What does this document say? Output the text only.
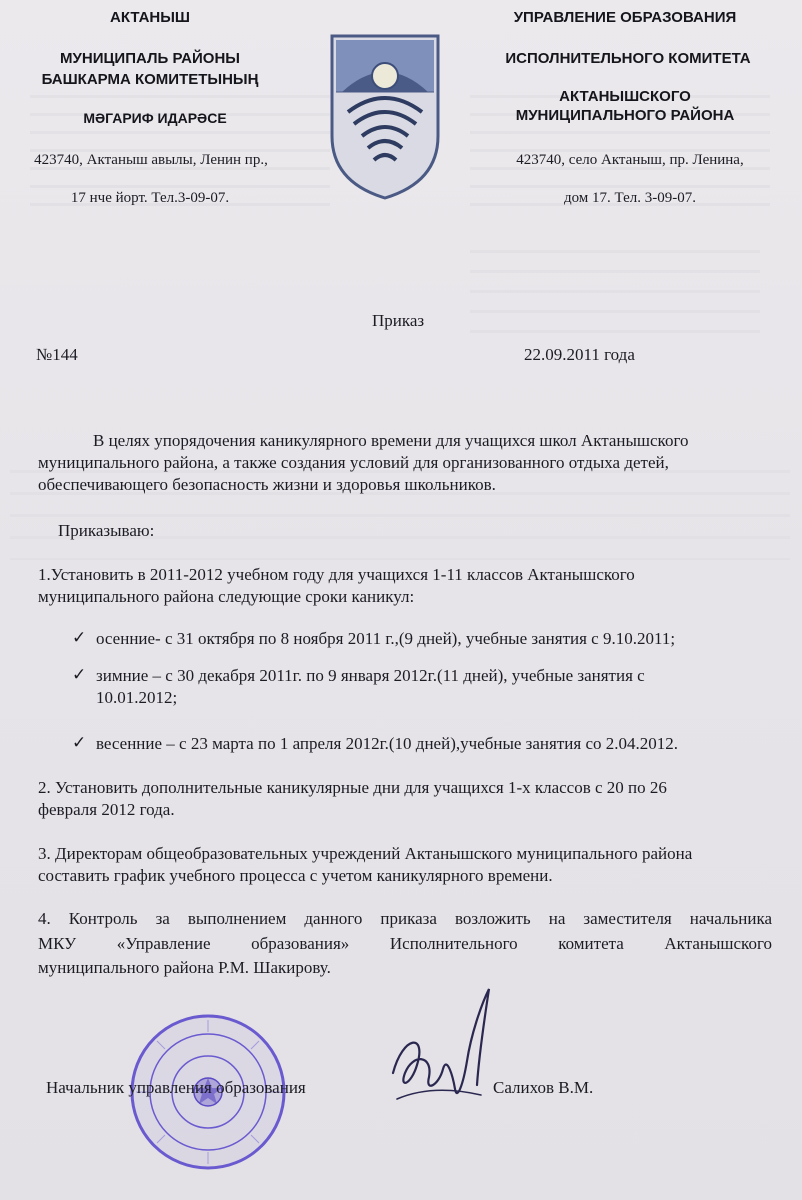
АКТАНЫШ
МУНИЦИПАЛЬ РАЙОНЫ
БАШКАРМА КОМИТЕТЫНЫҢ
МӘГАРИФ ИДАРӘСЕ
423740, Актаныш авылы, Ленин пр.,
17 нче йорт. Тел.3-09-07.
УПРАВЛЕНИЕ ОБРАЗОВАНИЯ
ИСПОЛНИТЕЛЬНОГО КОМИТЕТА
АКТАНЫШСКОГО
МУНИЦИПАЛЬНОГО РАЙОНА
423740, село Актаныш, пр. Ленина,
дом 17. Тел. 3-09-07.
Приказ
№144	22.09.2011 года
В целях упорядочения каникулярного времени для учащихся школ Актанышского
муниципального района, а также создания условий для организованного отдыха детей,
обеспечивающего безопасность жизни и здоровья школьников.
Приказываю:
1.Установить в 2011-2012 учебном году для учащихся 1-11 классов Актанышского
муниципального района следующие сроки каникул:
✓ осенние- с 31 октября по 8 ноября 2011 г.,(9 дней), учебные занятия с 9.10.2011;
✓ зимние – с 30 декабря 2011г. по 9 января 2012г.(11 дней), учебные занятия с
10.01.2012;
✓ весенние – с 23 марта по 1 апреля 2012г.(10 дней),учебные занятия со 2.04.2012.
2. Установить дополнительные каникулярные дни для учащихся 1-х классов с 20 по 26
февраля 2012 года.
3. Директорам общеобразовательных учреждений Актанышского муниципального района
составить график учебного процесса с учетом каникулярного времени.
4. Контроль за выполнением данного приказа возложить на заместителя начальника
МКУ «Управление образования» Исполнительного комитета Актанышского
муниципального района Р.М. Шакирову.
Начальник управления образования	Салихов В.М.
